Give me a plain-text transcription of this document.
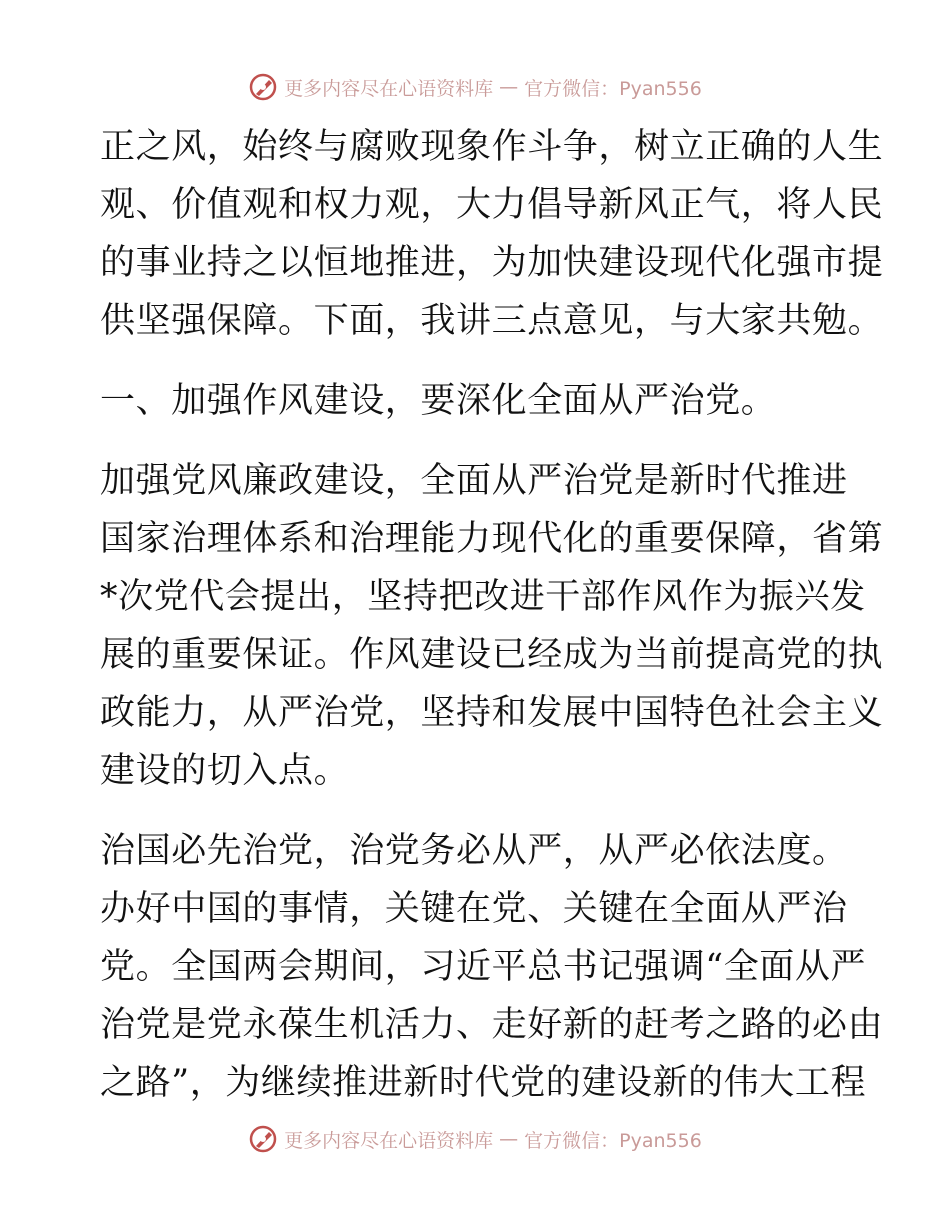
更多内容尽在心语资料库 — 官方微信：Pyan556
正之风，始终与腐败现象作斗争，树立正确的人生
观、价值观和权力观，大力倡导新风正气，将人民
的事业持之以恒地推进，为加快建设现代化强市提
供坚强保障。下面，我讲三点意见，与大家共勉。
一、加强作风建设，要深化全面从严治党。
加强党风廉政建设，全面从严治党是新时代推进
国家治理体系和治理能力现代化的重要保障，省第
*次党代会提出，坚持把改进干部作风作为振兴发
展的重要保证。作风建设已经成为当前提高党的执
政能力，从严治党，坚持和发展中国特色社会主义
建设的切入点。
治国必先治党，治党务必从严，从严必依法度。
办好中国的事情，关键在党、关键在全面从严治
党。全国两会期间，习近平总书记强调“全面从严
治党是党永葆生机活力、走好新的赶考之路的必由
之路”，为继续推进新时代党的建设新的伟大工程
更多内容尽在心语资料库 — 官方微信：Pyan556
